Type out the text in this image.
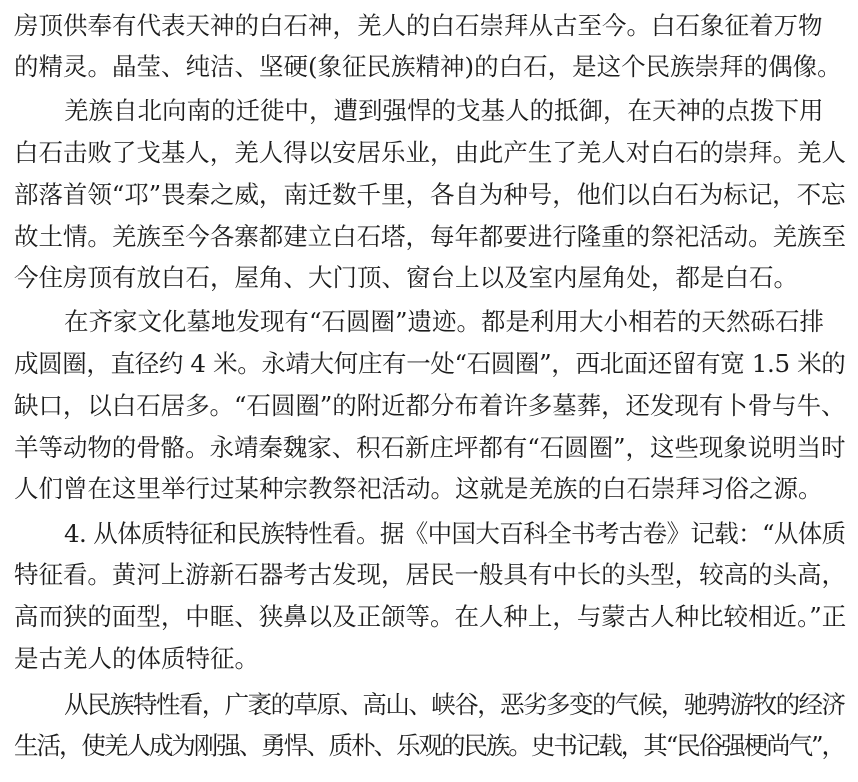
房顶供奉有代表天神的白石神，羌人的白石崇拜从古至今。白石象征着万物
的精灵。晶莹、纯洁、坚硬(象征民族精神)的白石，是这个民族崇拜的偶像。
羌族自北向南的迁徙中，遭到强悍的戈基人的抵御，在天神的点拨下用
白石击败了戈基人，羌人得以安居乐业，由此产生了羌人对白石的崇拜。羌人
部落首领“邛”畏秦之威，南迁数千里，各自为种号，他们以白石为标记，不忘
故土情。羌族至今各寨都建立白石塔，每年都要进行隆重的祭祀活动。羌族至
今住房顶有放白石，屋角、大门顶、窗台上以及室内屋角处，都是白石。
在齐家文化墓地发现有“石圆圈”遗迹。都是利用大小相若的天然砾石排
成圆圈，直径约 4 米。永靖大何庄有一处“石圆圈”，西北面还留有宽 1.5 米的
缺口，以白石居多。“石圆圈”的附近都分布着许多墓葬，还发现有卜骨与牛、
羊等动物的骨骼。永靖秦魏家、积石新庄坪都有“石圆圈”，这些现象说明当时
人们曾在这里举行过某种宗教祭祀活动。这就是羌族的白石崇拜习俗之源。
4. 从体质特征和民族特性看。据《中国大百科全书考古卷》记载：“从体质
特征看。黄河上游新石器考古发现，居民一般具有中长的头型，较高的头高，
高而狭的面型，中眶、狭鼻以及正颌等。在人种上，与蒙古人种比较相近。”正
是古羌人的体质特征。
从民族特性看，广袤的草原、高山、峡谷，恶劣多变的气候，驰骋游牧的经济
生活，使羌人成为刚强、勇悍、质朴、乐观的民族。史书记载，其“民俗强梗尚气”，
